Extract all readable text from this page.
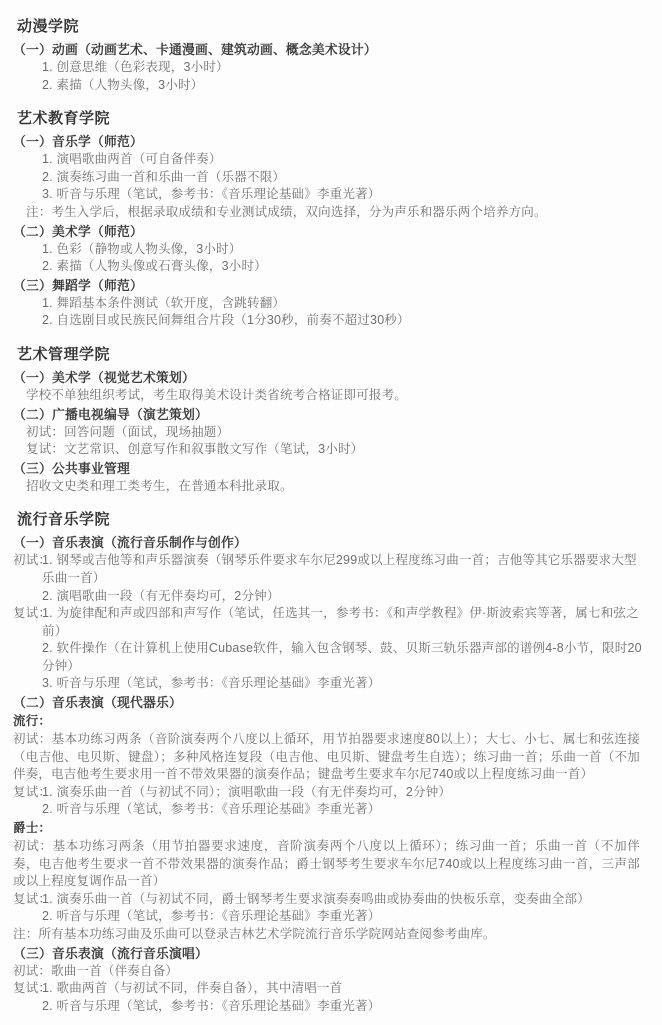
动漫学院
（一）动画（动画艺术、卡通漫画、建筑动画、概念美术设计）
1. 创意思维（色彩表现，3小时）
2. 素描（人物头像，3小时）
艺术教育学院
（一）音乐学（师范）
1. 演唱歌曲两首（可自备伴奏）
2. 演奏练习曲一首和乐曲一首（乐器不限）
3. 听音与乐理（笔试，参考书：《音乐理论基础》李重光著）
注：考生入学后，根据录取成绩和专业测试成绩，双向选择，分为声乐和器乐两个培养方向。
（二）美术学（师范）
1. 色彩（静物或人物头像，3小时）
2. 素描（人物头像或石膏头像，3小时）
（三）舞蹈学（师范）
1. 舞蹈基本条件测试（软开度，含跳转翻）
2. 自选剧目或民族民间舞组合片段（1分30秒，前奏不超过30秒）
艺术管理学院
（一）美术学（视觉艺术策划）
学校不单独组织考试，考生取得美术设计类省统考合格证即可报考。
（二）广播电视编导（演艺策划）
初试：回答问题（面试，现场抽题）
复试：文艺常识、创意写作和叙事散文写作（笔试，3小时）
（三）公共事业管理
招收文史类和理工类考生，在普通本科批录取。
流行音乐学院
（一）音乐表演（流行音乐制作与创作）
初试：
1. 钢琴或吉他等和声乐器演奏（钢琴乐件要求车尔尼299或以上程度练习曲一首；吉他等其它乐器要求大型乐曲一首）
2. 演唱歌曲一段（有无伴奏均可，2分钟）
复试：
1. 为旋律配和声或四部和声写作（笔试，任选其一，参考书：《和声学教程》伊·斯波索宾等著，属七和弦之前）
2. 软件操作（在计算机上使用Cubase软件，输入包含钢琴、鼓、贝斯三轨乐器声部的谱例4-8小节，限时20分钟）
3. 听音与乐理（笔试，参考书：《音乐理论基础》李重光著）
（二）音乐表演（现代器乐）
流行：
初试：基本功练习两条（音阶演奏两个八度以上循环，用节拍器要求速度80以上）；大七、小七、属七和弦连接（电吉他、电贝斯、键盘）；多种风格连复段（电吉他、电贝斯、键盘考生自选）；练习曲一首；乐曲一首（不加伴奏，电吉他考生要求用一首不带效果器的演奏作品；键盘考生要求车尔尼740或以上程度练习曲一首）
复试：
1. 演奏乐曲一首（与初试不同）；演唱歌曲一段（有无伴奏均可，2分钟）
2. 听音与乐理（笔试，参考书：《音乐理论基础》李重光著）
爵士：
初试：基本功练习两条（用节拍器要求速度，音阶演奏两个八度以上循环）；练习曲一首；乐曲一首（不加伴奏，电吉他考生要求一首不带效果器的演奏作品；爵士钢琴考生要求车尔尼740或以上程度练习曲一首，三声部或以上程度复调作品一首）
复试：
1. 演奏乐曲一首（与初试不同，爵士钢琴考生要求演奏奏鸣曲或协奏曲的快板乐章，变奏曲全部）
2. 听音与乐理（笔试，参考书：《音乐理论基础》李重光著）
注：所有基本功练习曲及乐曲可以登录吉林艺术学院流行音乐学院网站查阅参考曲库。
（三）音乐表演（流行音乐演唱）
初试：歌曲一首（伴奏自备）
复试：
1. 歌曲两首（与初试不同，伴奏自备），其中清唱一首
2. 听音与乐理（笔试，参考书：《音乐理论基础》李重光著）
